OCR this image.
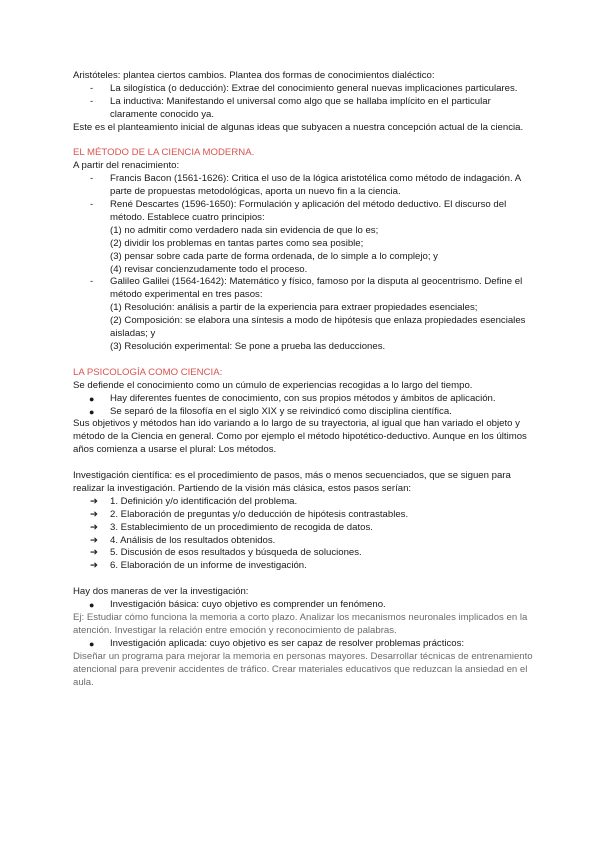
Aristóteles: plantea ciertos cambios. Plantea dos formas de conocimientos dialéctico:

- La silogística (o deducción): Extrae del conocimiento general nuevas implicaciones particulares.
- La inductiva: Manifestando el universal como algo que se hallaba implícito en el particular claramente conocido ya.

Este es el planteamiento inicial de algunas ideas que subyacen a nuestra concepción actual de la ciencia.

EL MÉTODO DE LA CIENCIA MODERNA.

A partir del renacimiento:

- Francis Bacon (1561-1626): Critica el uso de la lógica aristotélica como método de indagación. A parte de propuestas metodológicas, aporta un nuevo fin a la ciencia.
- René Descartes (1596-1650): Formulación y aplicación del método deductivo. El discurso del método. Establece cuatro principios:

(1) no admitir como verdadero nada sin evidencia de que lo es;

(2) dividir los problemas en tantas partes como sea posible;

(3) pensar sobre cada parte de forma ordenada, de lo simple a lo complejo; y

(4) revisar concienzudamente todo el proceso.

- Galileo Galilei (1564-1642): Matemático y físico, famoso por la disputa al geocentrismo. Define el método experimental en tres pasos:

(1) Resolución: análisis a partir de la experiencia para extraer propiedades esenciales;

(2) Composición: se elabora una síntesis a modo de hipótesis que enlaza propiedades esenciales aisladas; y

(3) Resolución experimental: Se pone a prueba las deducciones.

LA PSICOLOGÍA COMO CIENCIA:

Se defiende el conocimiento como un cúmulo de experiencias recogidas a lo largo del tiempo.

● Hay diferentes fuentes de conocimiento, con sus propios métodos y ámbitos de aplicación.

● Se separó de la filosofía en el siglo XIX y se reivindicó como disciplina científica.

Sus objetivos y métodos han ido variando a lo largo de su trayectoria, al igual que han variado el objeto y método de la Ciencia en general. Como por ejemplo el método hipotético-deductivo. Aunque en los últimos años comienza a usarse el plural: Los métodos.

Investigación científica: es el procedimiento de pasos, más o menos secuenciados, que se siguen para realizar la investigación. Partiendo de la visión más clásica, estos pasos serían:

➔ 1. Definición y/o identificación del problema.

➔ 2. Elaboración de preguntas y/o deducción de hipótesis contrastables.

➔ 3. Establecimiento de un procedimiento de recogida de datos.

➔ 4. Análisis de los resultados obtenidos.

➔ 5. Discusión de esos resultados y búsqueda de soluciones.

➔ 6. Elaboración de un informe de investigación.

Hay dos maneras de ver la investigación:

● Investigación básica: cuyo objetivo es comprender un fenómeno.

Ej: Estudiar cómo funciona la memoria a corto plazo. Analizar los mecanismos neuronales implicados en la atención. Investigar la relación entre emoción y reconocimiento de palabras.

● Investigación aplicada: cuyo objetivo es ser capaz de resolver problemas prácticos:

Diseñar un programa para mejorar la memoria en personas mayores. Desarrollar técnicas de entrenamiento atencional para prevenir accidentes de tráfico. Crear materiales educativos que reduzcan la ansiedad en el aula.
